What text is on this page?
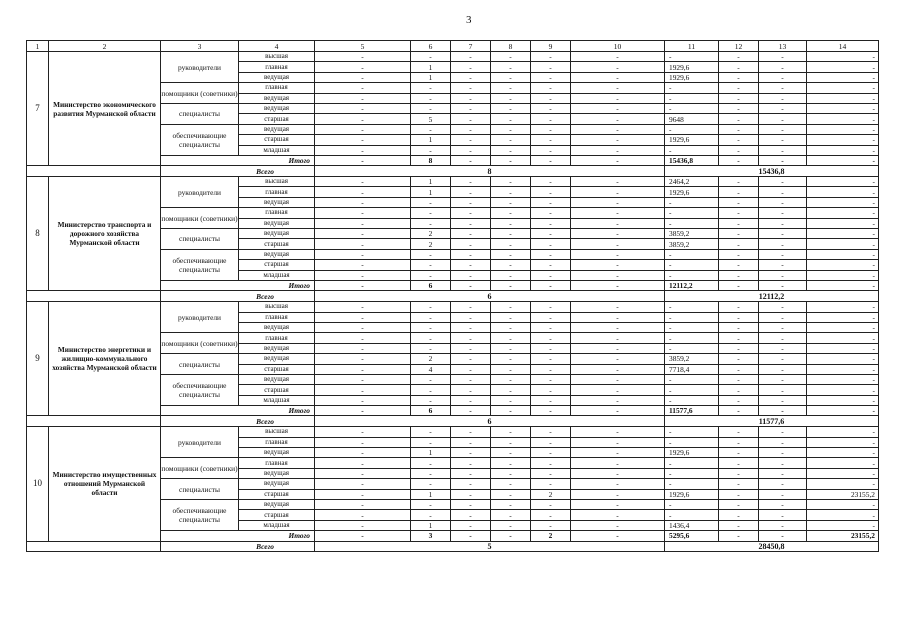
3
1	2	3	4	5	6	7	8	9	10	11	12	13	14
7	Министерство экономического развития Мурманской области	руководители	высшая	-	-	-	-	-	-	-	-	-	-
			главная	-	1	-	-	-	-	1929,6	-	-	-
			ведущая	-	1	-	-	-	-	1929,6	-	-	-
		помощники (советники)	главная	-	-	-	-	-	-	-	-	-	-
			ведущая	-	-	-	-	-	-	-	-	-	-
		специалисты	ведущая	-	-	-	-	-	-	-	-	-	-
			старшая	-	5	-	-	-	-	9648	-	-	-
		обеспечивающие специалисты	ведущая	-	-	-	-	-	-	-	-	-	-
			старшая	-	1	-	-	-	-	1929,6	-	-	-
			младшая	-	-	-	-	-	-	-	-	-	-
		Итого		-	8	-	-	-	-	15436,8	-	-	-
		Всего		8						15436,8			
8	Министерство транспорта и дорожного хозяйства Мурманской области	руководители	высшая	-	1	-	-	-	-	2464,2	-	-	-
			главная	-	1	-	-	-	-	1929,6	-	-	-
			ведущая	-	-	-	-	-	-	-	-	-	-
		помощники (советники)	главная	-	-	-	-	-	-	-	-	-	-
			ведущая	-	-	-	-	-	-	-	-	-	-
		специалисты	ведущая	-	2	-	-	-	-	3859,2	-	-	-
			старшая	-	2	-	-	-	-	3859,2	-	-	-
		обеспечивающие специалисты	ведущая	-	-	-	-	-	-	-	-	-	-
			старшая	-	-	-	-	-	-	-	-	-	-
			младшая	-	-	-	-	-	-	-	-	-	-
		Итого		-	6	-	-	-	-	12112,2	-	-	-
		Всего		6						12112,2			
9	Министерство энергетики и жилищно-коммунального хозяйства Мурманской области	руководители	высшая	-	-	-	-	-	-	-	-	-	-
			главная	-	-	-	-	-	-	-	-	-	-
			ведущая	-	-	-	-	-	-	-	-	-	-
		помощники (советники)	главная	-	-	-	-	-	-	-	-	-	-
			ведущая	-	-	-	-	-	-	-	-	-	-
		специалисты	ведущая	-	2	-	-	-	-	3859,2	-	-	-
			старшая	-	4	-	-	-	-	7718,4	-	-	-
		обеспечивающие специалисты	ведущая	-	-	-	-	-	-	-	-	-	-
			старшая	-	-	-	-	-	-	-	-	-	-
			младшая	-	-	-	-	-	-	-	-	-	-
		Итого		-	6	-	-	-	-	11577,6	-	-	-
		Всего		6						11577,6			
10	Министерство имущественных отношений Мурманской области	руководители	высшая	-	-	-	-	-	-	-	-	-	-
			главная	-	-	-	-	-	-	-	-	-	-
			ведущая	-	1	-	-	-	-	1929,6	-	-	-
		помощники (советники)	главная	-	-	-	-	-	-	-	-	-	-
			ведущая	-	-	-	-	-	-	-	-	-	-
		специалисты	ведущая	-	-	-	-	-	-	-	-	-	-
			старшая	-	1	-	-	2	-	1929,6	-	-	23155,2
		обеспечивающие специалисты	ведущая	-	-	-	-	-	-	-	-	-	-
			старшая	-	-	-	-	-	-	-	-	-	-
			младшая	-	1	-	-	-	-	1436,4	-	-	-
		Итого		-	3	-	-	2	-	5295,6	-	-	23155,2
		Всего		5						28450,8			
